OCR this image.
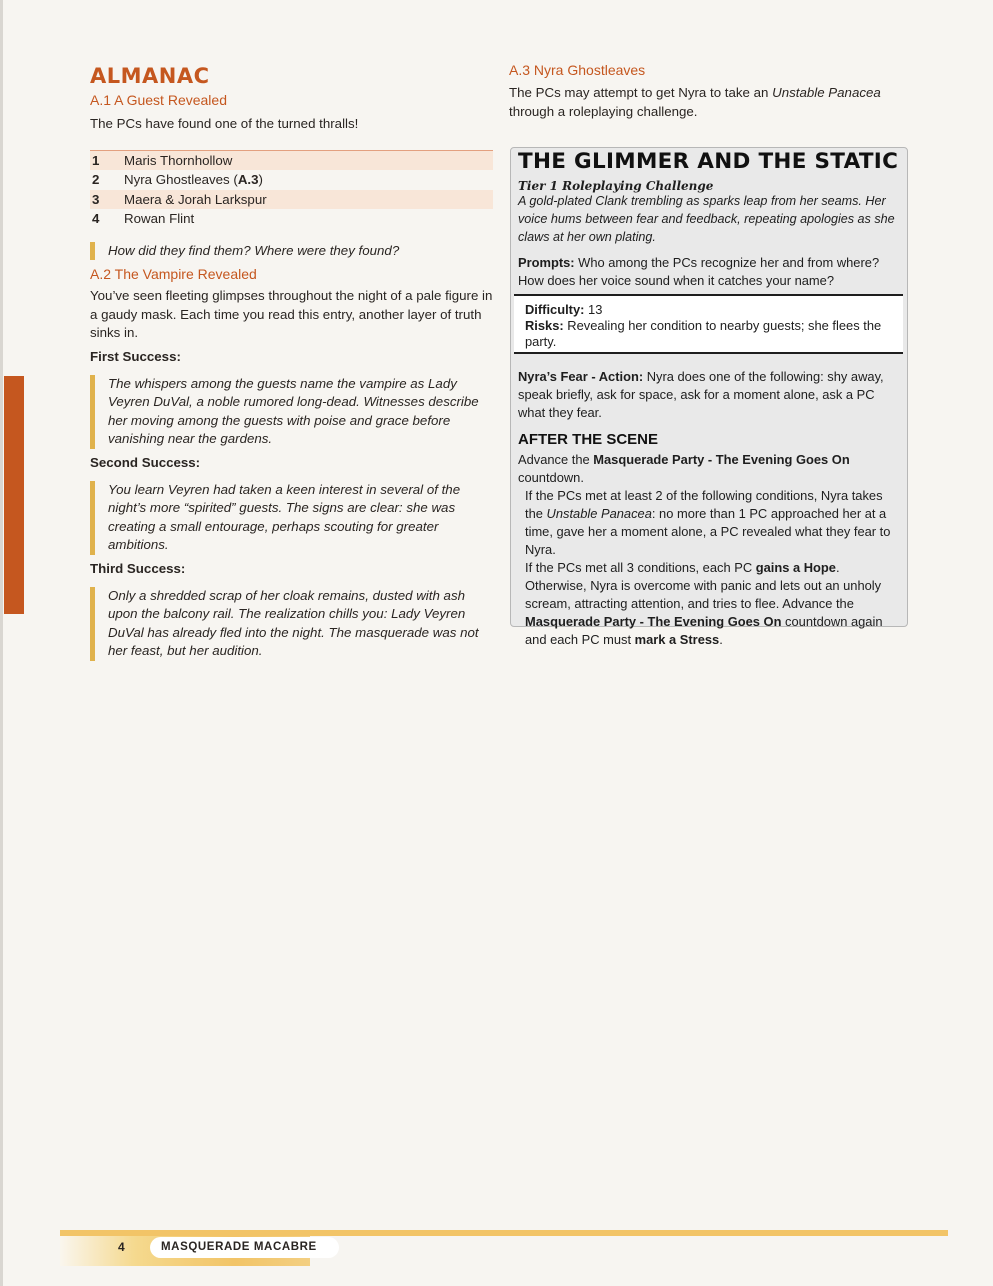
ALMANAC
A.1 A Guest Revealed

The PCs have found one of the turned thralls!

1	Maris Thornhollow
2	Nyra Ghostleaves (A.3)
3	Maera & Jorah Larkspur
4	Rowan Flint
How did they find them? Where were they found?
A.2 The Vampire Revealed

You’ve seen fleeting glimpses throughout the night of a pale figure in a gaudy mask. Each time you read this entry, another layer of truth sinks in.

First Success:
The whispers among the guests name the vampire as Lady Veyren DuVal, a noble rumored long-dead. Witnesses describe her moving among the guests with poise and grace before vanishing near the gardens.
Second Success:
You learn Veyren had taken a keen interest in several of the night’s more “spirited” guests. The signs are clear: she was creating a small entourage, perhaps scouting for greater ambitions.
Third Success:
Only a shredded scrap of her cloak remains, dusted with ash upon the balcony rail. The realization chills you: Lady Veyren DuVal has already fled into the night. The masquerade was not her feast, but her audition.
A.3 Nyra Ghostleaves

The PCs may attempt to get Nyra to take an Unstable Panacea through a roleplaying challenge.

THE GLIMMER AND THE STATIC
Tier 1 Roleplaying Challenge
A gold-plated Clank trembling as sparks leap from her seams. Her voice hums between fear and feedback, repeating apologies as she claws at her own plating.
Prompts: Who among the PCs recognize her and from where? How does her voice sound when it catches your name?
Difficulty: 13
Risks: Revealing her condition to nearby guests; she flees the party.
Nyra’s Fear - Action: Nyra does one of the following: shy away, speak briefly, ask for space, ask for a moment alone, ask a PC what they fear.
AFTER THE SCENE
Advance the Masquerade Party - The Evening Goes On countdown.
If the PCs met at least 2 of the following conditions, Nyra takes the Unstable Panacea: no more than 1 PC approached her at a time, gave her a moment alone, a PC revealed what they fear to Nyra.
If the PCs met all 3 conditions, each PC gains a Hope.
Otherwise, Nyra is overcome with panic and lets out an unholy scream, attracting attention, and tries to flee. Advance the Masquerade Party - The Evening Goes On countdown again and each PC must mark a Stress.
4	MASQUERADE MACABRE
